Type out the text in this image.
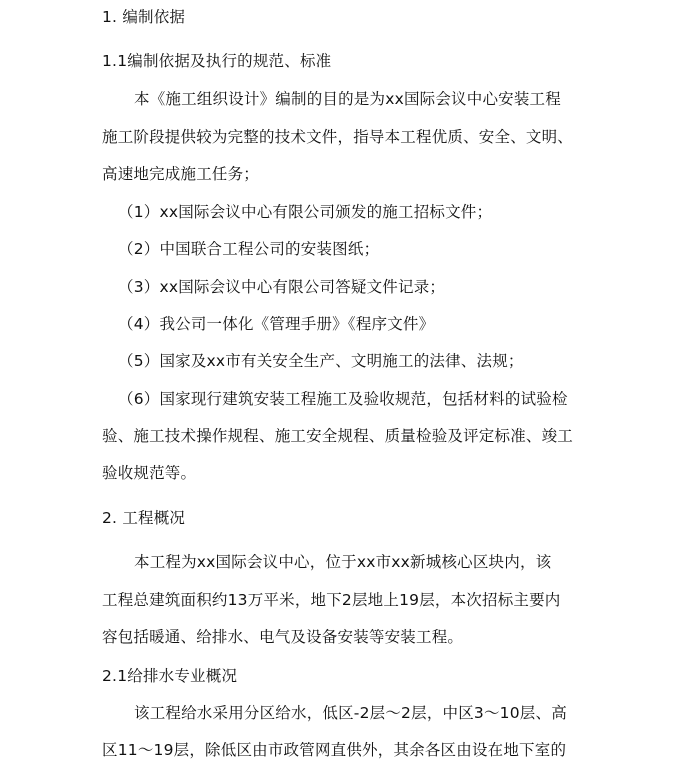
1. 编制依据
1.1编制依据及执行的规范、标准
本《施工组织设计》编制的目的是为xx国际会议中心安装工程
施工阶段提供较为完整的技术文件，指导本工程优质、安全、文明、
高速地完成施工任务；
（1）xx国际会议中心有限公司颁发的施工招标文件；
（2）中国联合工程公司的安装图纸；
（3）xx国际会议中心有限公司答疑文件记录；
（4）我公司一体化《管理手册》《程序文件》
（5）国家及xx市有关安全生产、文明施工的法律、法规；
（6）国家现行建筑安装工程施工及验收规范，包括材料的试验检
验、施工技术操作规程、施工安全规程、质量检验及评定标准、竣工
验收规范等。
2. 工程概况
本工程为xx国际会议中心，位于xx市xx新城核心区块内，该
工程总建筑面积约13万平米，地下2层地上19层，本次招标主要内
容包括暖通、给排水、电气及设备安装等安装工程。
2.1给排水专业概况
该工程给水采用分区给水，低区-2层～2层，中区3～10层、高
区11～19层，除低区由市政管网直供外，其余各区由设在地下室的
